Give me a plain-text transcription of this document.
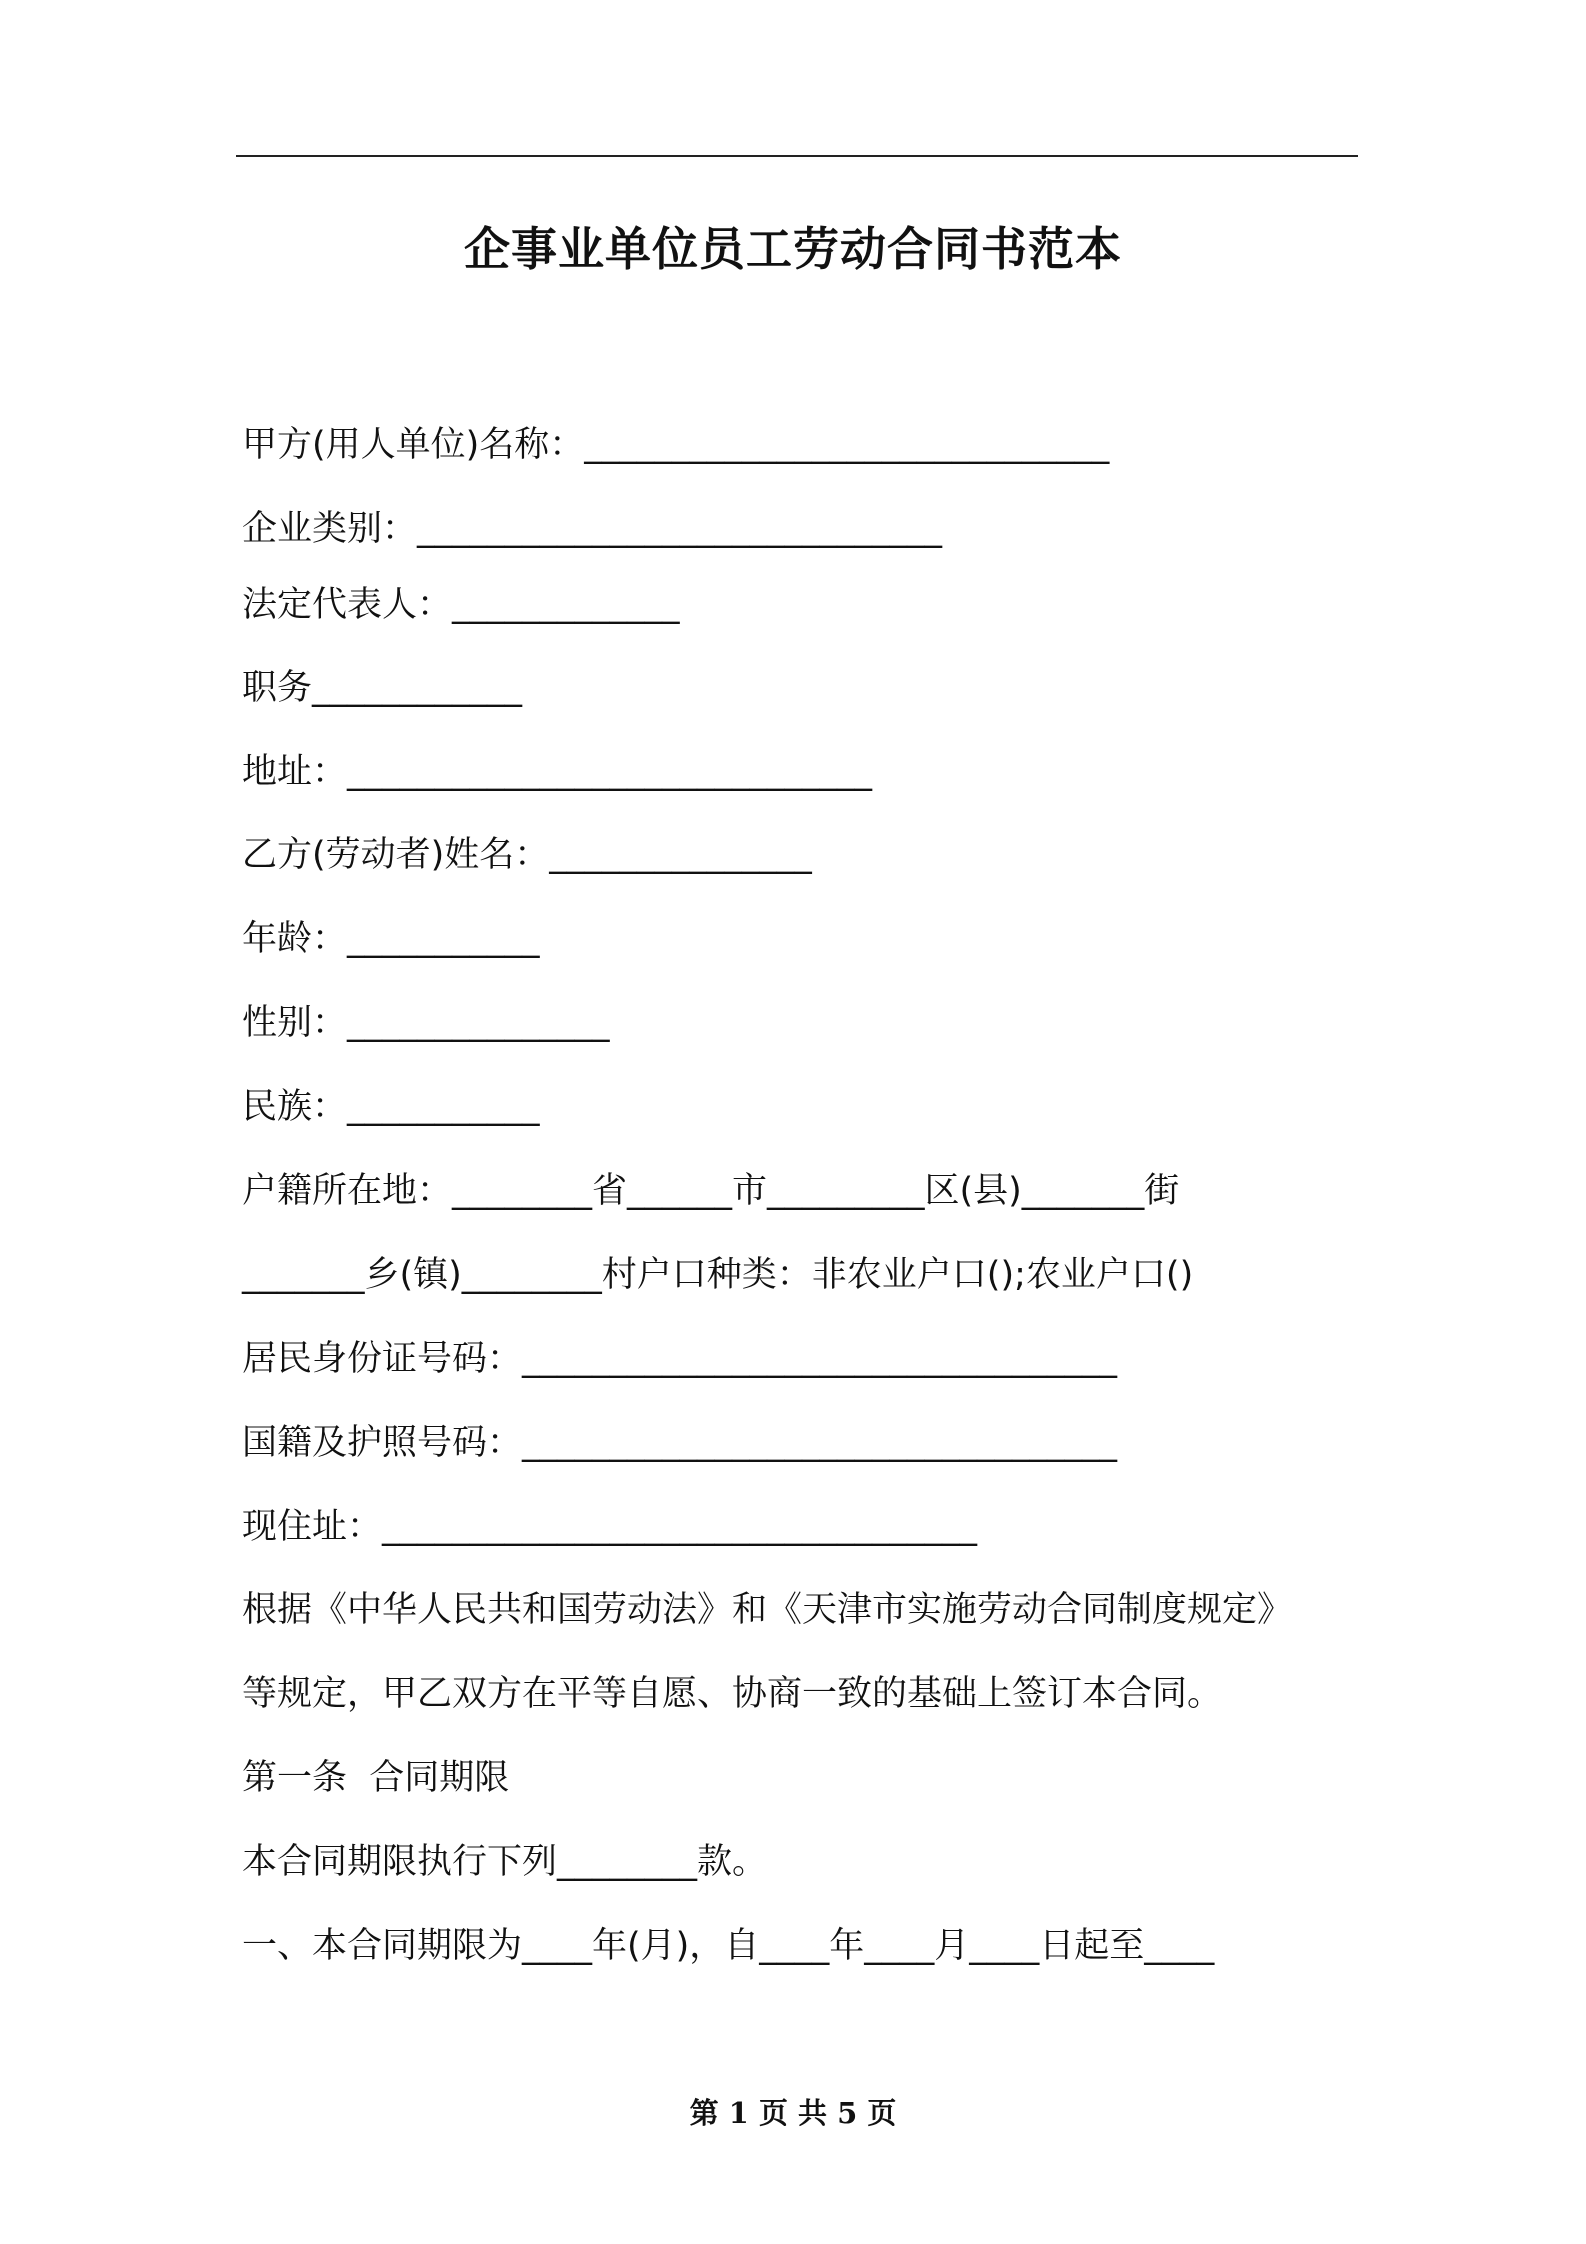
企事业单位员工劳动合同书范本

甲方(用人单位)名称：______________________________

企业类别：______________________________

法定代表人：_____________

职务____________

地址：______________________________

乙方(劳动者)姓名：_______________

年龄：___________

性别：_______________

民族：___________

户籍所在地：________省______市_________区(县)_______街

_______乡(镇)________村户口种类：非农业户口();农业户口()

居民身份证号码：__________________________________

国籍及护照号码：__________________________________

现住址：__________________________________

根据《中华人民共和国劳动法》和《天津市实施劳动合同制度规定》

等规定，甲乙双方在平等自愿、协商一致的基础上签订本合同。

第一条  合同期限

本合同期限执行下列________款。

一、本合同期限为____年(月)，自____年____月____日起至____

第 1 页 共 5 页
